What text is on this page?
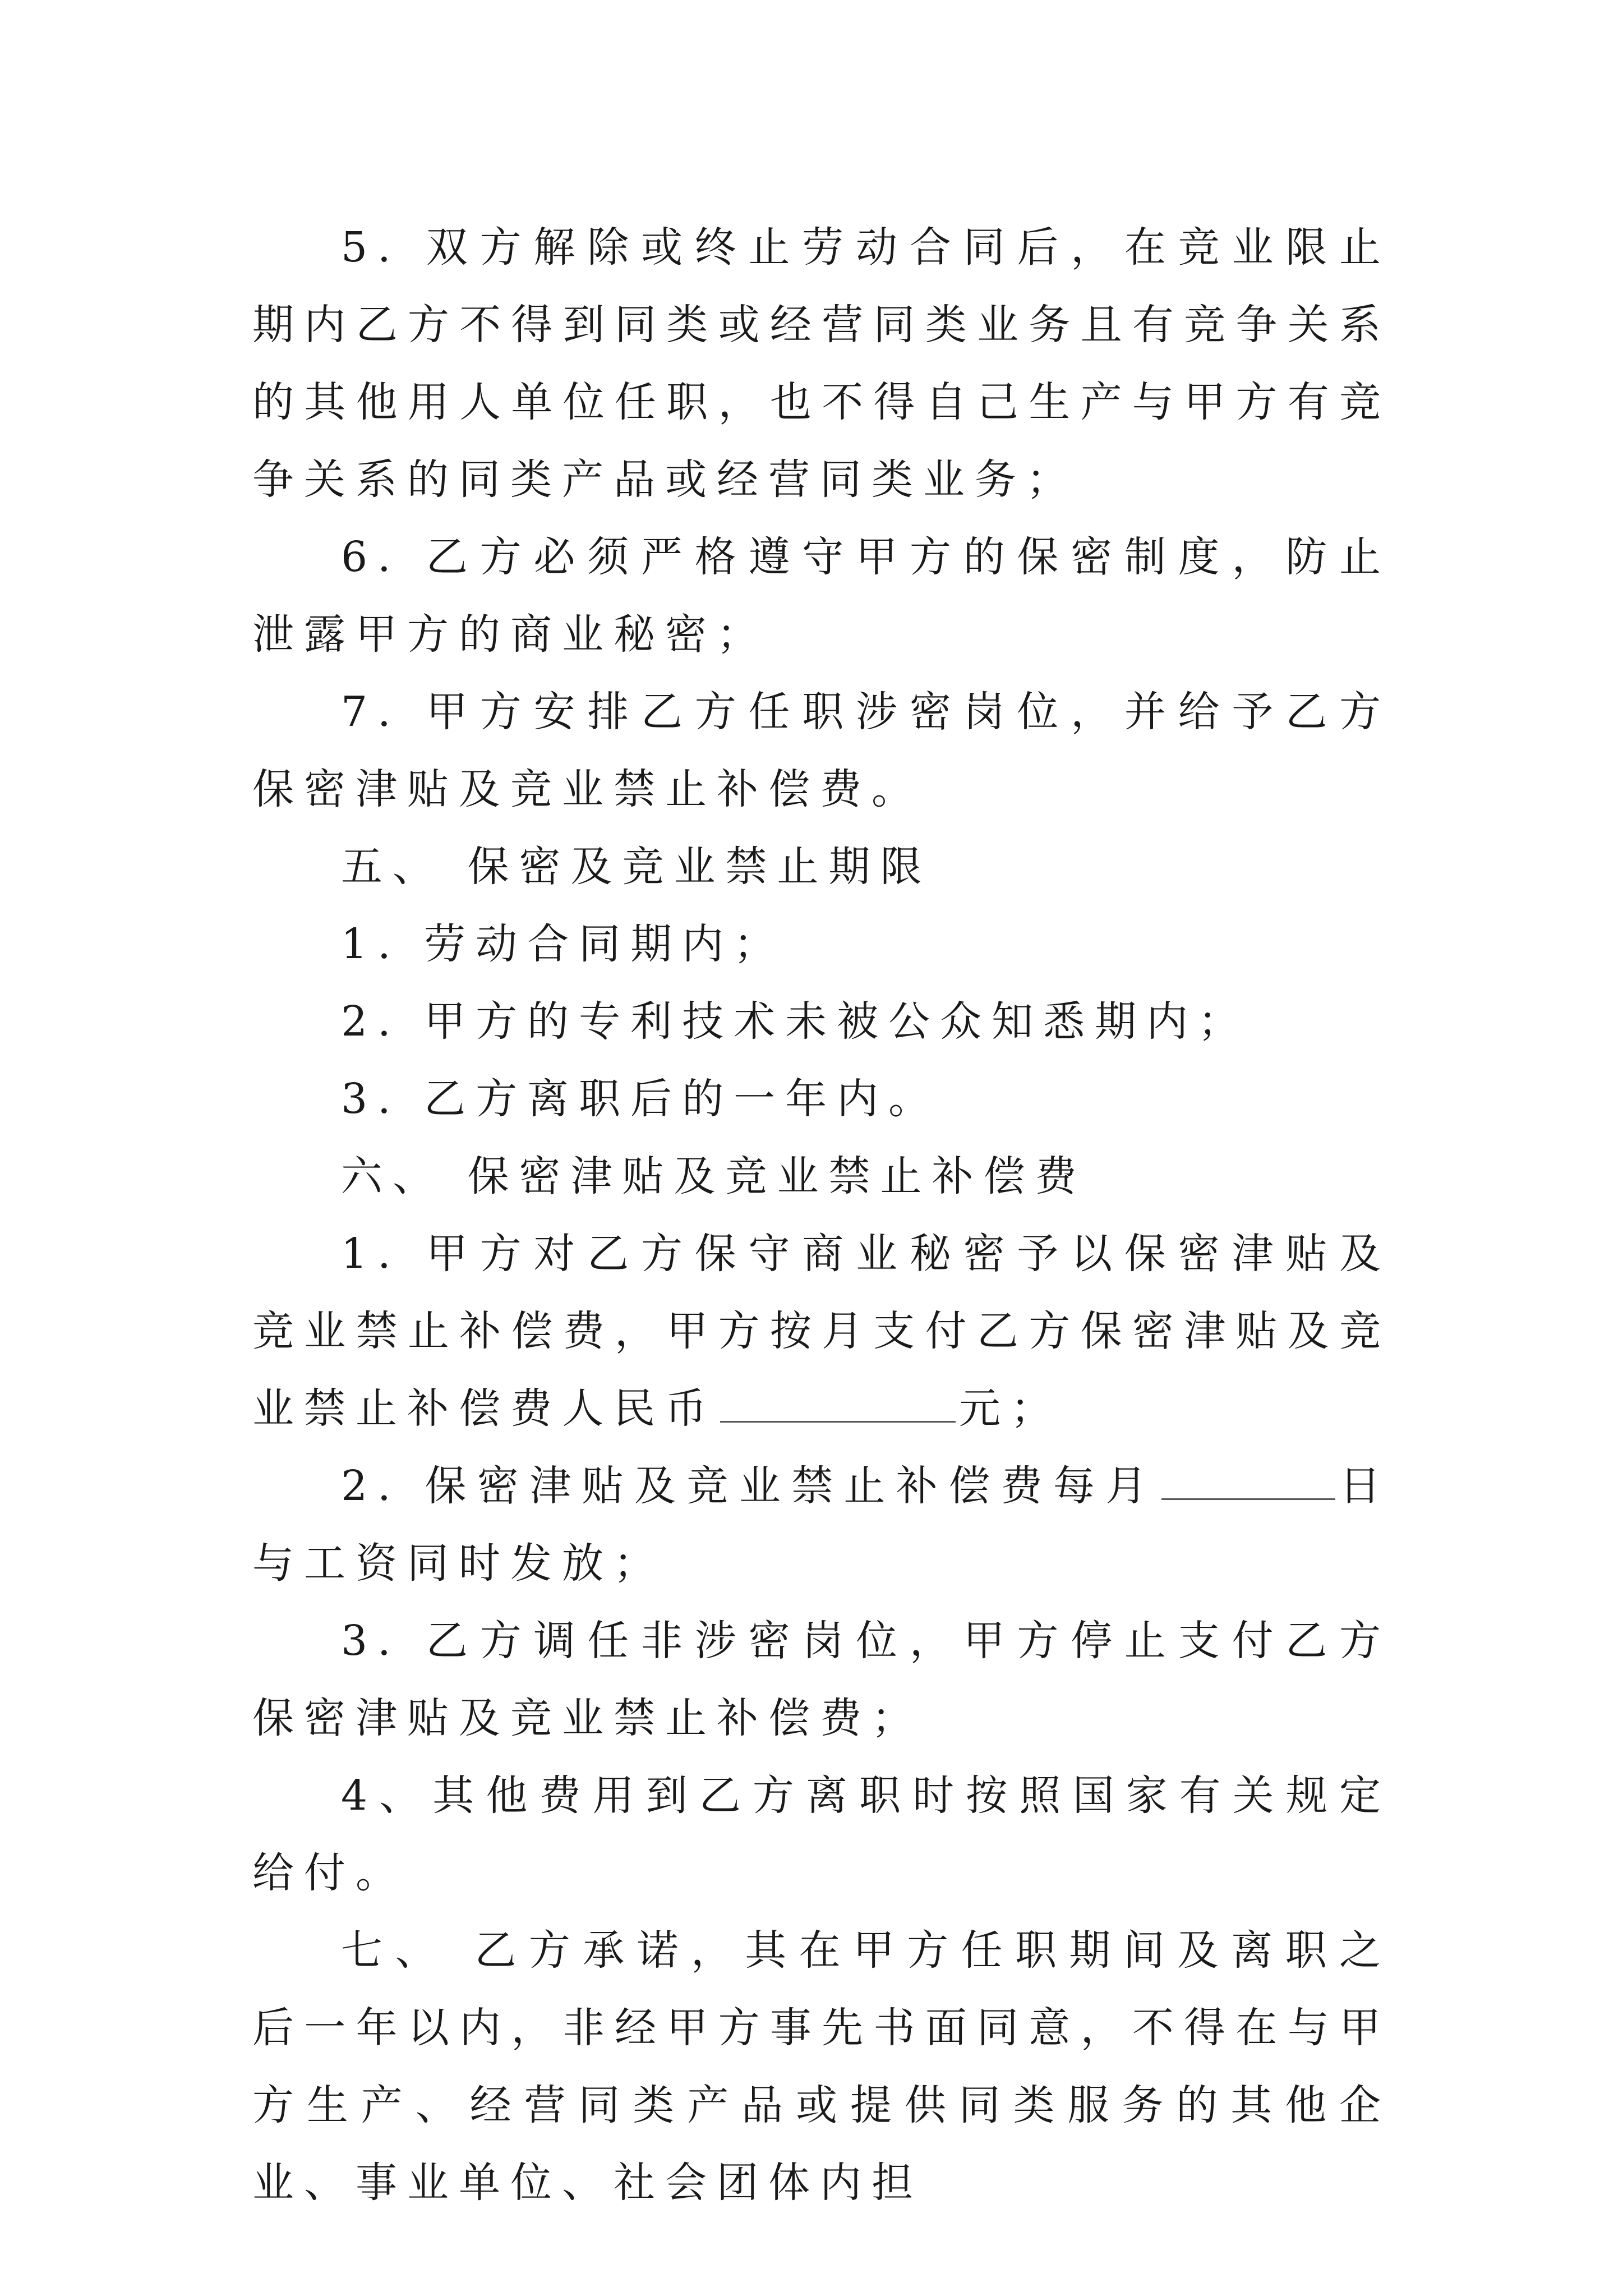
5. 双方解除或终止劳动合同后，在竞业限止期内乙方不得到同类或经营同类业务且有竞争关系的其他用人单位任职，也不得自己生产与甲方有竞争关系的同类产品或经营同类业务；

6. 乙方必须严格遵守甲方的保密制度，防止泄露甲方的商业秘密；

7. 甲方安排乙方任职涉密岗位，并给予乙方保密津贴及竞业禁止补偿费。

五、 保密及竞业禁止期限

1. 劳动合同期内；

2. 甲方的专利技术未被公众知悉期内；

3. 乙方离职后的一年内。

六、 保密津贴及竞业禁止补偿费

1. 甲方对乙方保守商业秘密予以保密津贴及竞业禁止补偿费，甲方按月支付乙方保密津贴及竞业禁止补偿费人民币	元；

2. 保密津贴及竞业禁止补偿费每月	日与工资同时发放；

3. 乙方调任非涉密岗位，甲方停止支付乙方保密津贴及竞业禁止补偿费；

4、其他费用到乙方离职时按照国家有关规定给付。

七、 乙方承诺，其在甲方任职期间及离职之后一年以内，非经甲方事先书面同意，不得在与甲方生产、经营同类产品或提供同类服务的其他企业、事业单位、社会团体内担
